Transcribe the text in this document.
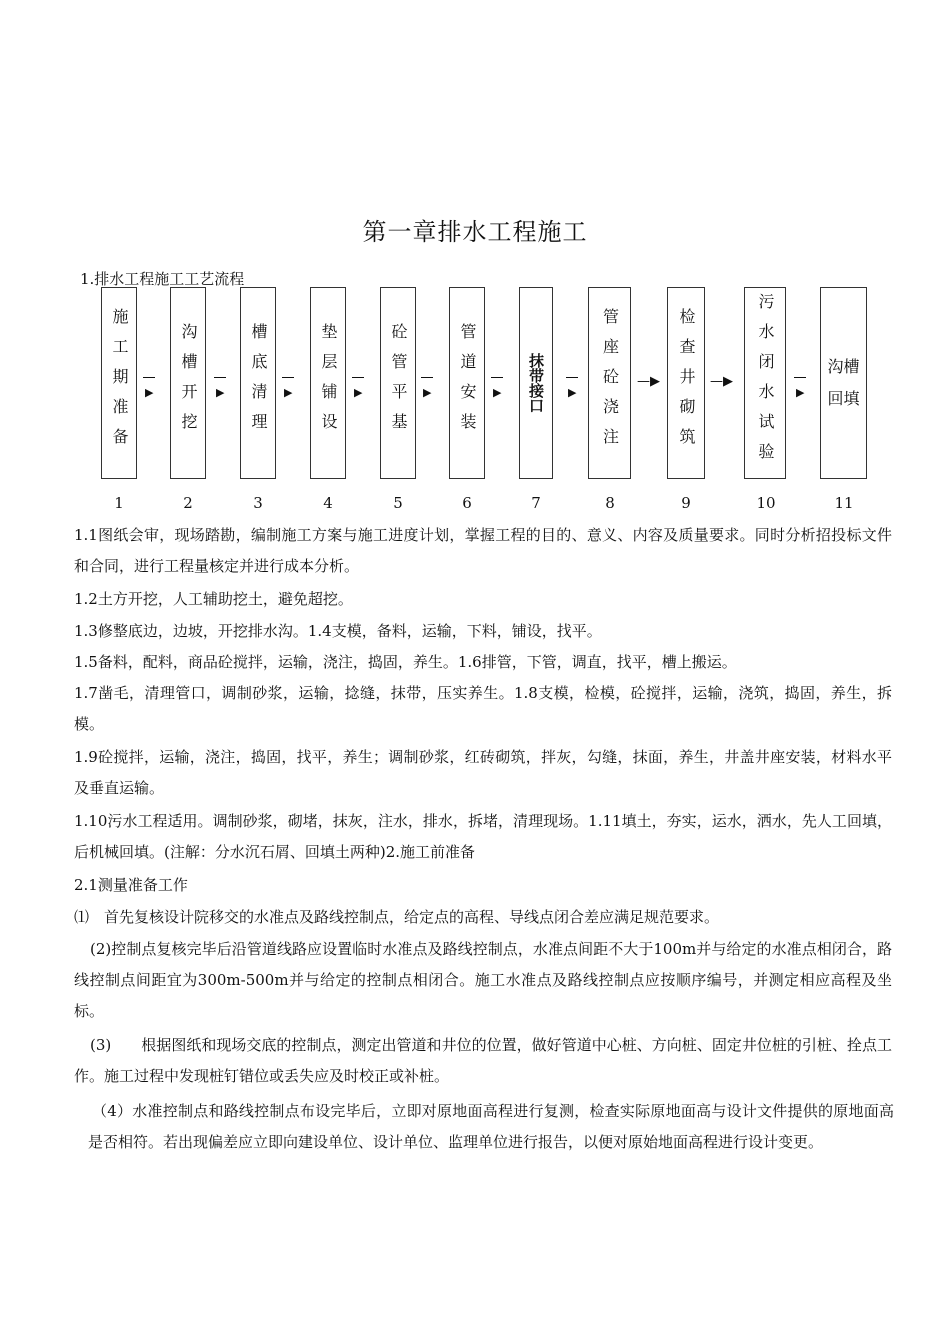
第一章排水工程施工
1.排水工程施工工艺流程
施工期准备	沟槽开挖	槽底清理	垫层铺设	砼管平基	管道安装	抹带接口	管座砼浇注	检查井砌筑	污水闭水试验	沟槽回填
▶	▶	▶	▶	▶	▶	▶
—▶	—▶
▶
1	2	3	4	5	6	7	8	9	10	11
1.1图纸会审，现场踏勘，编制施工方案与施工进度计划，掌握工程的目的、意义、内容及质量要求。同时分析招投标文件和合同，进行工程量核定并进行成本分析。
1.2土方开挖，人工辅助挖土，避免超挖。
1.3修整底边，边坡，开挖排水沟。1.4支模，备料，运输，下料，铺设，找平。
1.5备料，配料，商品砼搅拌，运输，浇注，捣固，养生。1.6排管，下管，调直，找平，槽上搬运。
1.7凿毛，清理管口，调制砂浆，运输，捻缝，抹带，压实养生。1.8支模，检模，砼搅拌，运输，浇筑，捣固，养生，拆模。
1.9砼搅拌，运输，浇注，捣固，找平，养生；调制砂浆，红砖砌筑，拌灰，勾缝，抹面，养生，井盖井座安装，材料水平及垂直运输。
1.10污水工程适用。调制砂浆，砌堵，抹灰，注水，排水，拆堵，清理现场。1.11填土，夯实，运水，洒水，先人工回填，后机械回填。(注解：分水沉石屑、回填土两种)2.施工前准备
2.1测量准备工作
⑴　首先复核设计院移交的水准点及路线控制点，给定点的高程、导线点闭合差应满足规范要求。
(2)控制点复核完毕后沿管道线路应设置临时水准点及路线控制点，水准点间距不大于100m并与给定的水准点相闭合，路线控制点间距宜为300m-500m并与给定的控制点相闭合。施工水准点及路线控制点应按顺序编号，并测定相应高程及坐标。
(3)　　根据图纸和现场交底的控制点，测定出管道和井位的位置，做好管道中心桩、方向桩、固定井位桩的引桩、拴点工作。施工过程中发现桩钉错位或丢失应及时校正或补桩。
（4）水准控制点和路线控制点布设完毕后，立即对原地面高程进行复测，检查实际原地面高与设计文件提供的原地面高是否相符。若出现偏差应立即向建设单位、设计单位、监理单位进行报告，以便对原始地面高程进行设计变更。
